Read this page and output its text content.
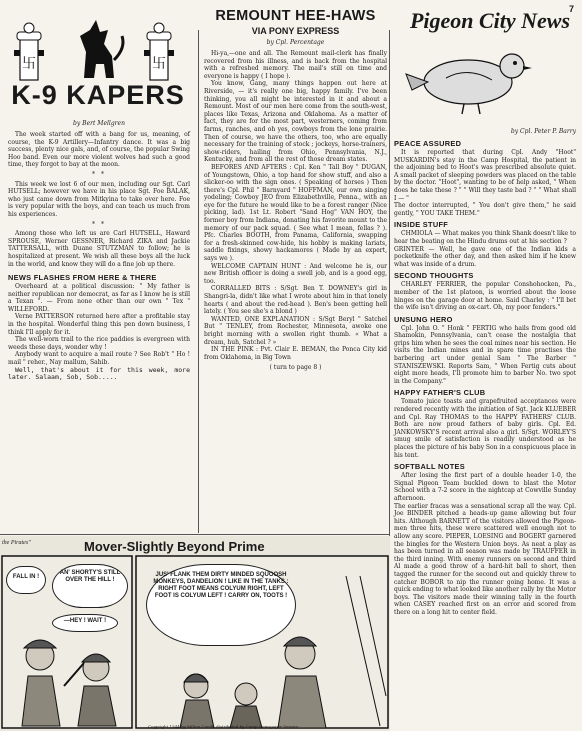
7
卐	卐
K-9 KAPERS
by Bert Mellgren

The week started off with a bang for us, meaning, of course, the K-9 Artillery—Infantry dance. It was a big success, plenty nice gals, and, of course, the popular Swing Hoo band. Even our more violent wolves had such a good time, they forgot to bay at the moon.

* *

This week we lost 6 of our men, including our Sgt. Carl HUTSELL; however we have in his place Sgt. Foe BALAK, who just came down from Mitkyina to take over here. Foe is very popular with the boys, and can teach us much from his experiences.

* *

Among those who left us are Carl HUTSELL, Haward SPROUSE, Werner GESSNER, Richard ZIKA and Jackie TATTERSALL, with Duane STUTZMAN to follow; he is hospitalized at present. We wish all these boys all the luck in the world, and know they will do a fine job up there.

NEWS FLASHES FROM HERE & THERE

Overheard at a political discussion: " My father is neither republican nor democrat, as far as I know he is still a Texan ". — From none other than our own " Tex " WILLEFORD.

Verne PATTERSON returned here after a profitable stay in the hospital. Wonderful thing this pen down business, I think I'll apply for it.

The well-worn trail to the rice paddies is evergreen with weeds these days, wonder why !

Anybody want to acquire a mail route ? See Rob't " Ho ! mail " reher., Nay mallum, Sahib.

Well, that's about it for this week, more later. Salaam, Sob, Sob.....

REMOUNT HEE-HAWS
VIA PONY EXPRESS
by Cpl. Percentage

Hi-ya,—one and all. The Remount mail-clerk has finally recovered from his illness, and is back from the hospital with a refreshed memory. The mail's still on time and everyone is happy ( I hope ).

You know, Gang, many things happen out here at Riverside, — it's really one big, happy family. I've been thinking, you all might be interested in it and about a Remount. Most of our men here come from the south-west, places like Texas, Arizona and Oklahoma. As a matter of fact, they are for the most part, westerners, coming from farms, ranches, and oh yes, cowboys from the lone prairie. Then of course, we have the others, too, who are equally necessary for the training of stock ; jockeys, horse-trainers, show-riders, hailing from Ohio, Pennsylvania, N.J., Kentucky, and from all the rest of those dream states.

BEFORES AND AFTERS : Cpl. Ken " Tall Boy " DUGAN, of Youngstown, Ohio, a top hand for show stuff, and also a slicker-oo with the sign ones. ( Speaking of horses ) Then there's Cpl. Phil " Barnyard " HOFFMAN, our own singing yodeling; Cowboy JEO from Elizabethville, Penna., with an eye for the future he would like to be a forest ranger (Nice picking, lad). 1st Lt. Robert "Sand Hog" VAN HOY, the former boy from Indiana, donating his favorite mount to the memory of our pack squad. ( See what I mean, fellas ? ). Pfc. Charles BOOTH, from Panama, California, swapping for a fresh-skinned cow-hide, his hobby is making lariats, saddle fixings, showy hackamores ( Made by an expert, says we ).

WELCOME CAPTAIN HUNT : And welcome he is, our new British officer is doing a swell job, and is a good egg, too.

CORRALLED BITS : S/Sgt. Ben T. DOWNEY's girl in Shangri-la, didn't like what I wrote about him in that lonely hearts ( and about the red-head ). Ben's been getting hell lately. ( You see she's a blond )

WANTED, ONE EXPLANATION : S/Sgt Beryl " Satchel But " TENLEY, from Rochester, Minnesota, awoke one bright morning with a swollen right thumb. « What a dream, huh, Satchel ? »

IN THE PINK : Pvt. Clair E. BEMAN, the Ponca City kid from Oklahoma, in Big Town

( turn to page 8 )
Pigeon City News
by Cpl. Peter P. Barry
PEACE ASSURED
It is reported that during Cpl. Andy "Hoot" MUSKARDIN's stay in the Camp Hospital, the patient in the adjoining bed to Hoot's was prescribed absolute quiet. A small packet of sleeping powders was placed on the table by the doctor. "Hoot", wanting to be of help asked, " When does he take these ? " " Will they taste bad ? " " What shall I — "
The doctor interrupted, " You don't give them," he said gently, " YOU TAKE THEM."
INSIDE STUFF
CHMIOLA — What makes you think Shank doesn't like to hear the beating on the Hindu drums out at his section ?
GRINTER — Well, he gave one of the Indian kids a pocketknife the other day, and then asked him if he knew what was inside of a drum.
SECOND THOUGHTS
CHARLEY FERRIER, the popular Conshohocken, Pa., member of the 1st platoon, is worried about the loose hinges on the garage door at home. Said Charley : " I'll bet the wife isn't driving an ox-cart. Oh, my poor fenders."
UNSUNG HERO
Cpl. John O. " Honk " FERTIG who hails from good old Shamokin, Pennsylvania, can't cease the nostalgia that grips him when he sees the coal mines near his section. He visits the Indian mines and in spare time practises the barbering art under genial Sam " The Barber " STANISZEWSKI. Reports Sam, " When Fertig cuts about eight more heads, I'll promote him to barber No. two spot in the Company."
HAPPY FATHER'S CLUB
Tomato juice toasts and grapefruited acceptances were rendered recently with the initiation of Sgt. Jack KLUEBER and Cpl. Ray THOMAS to the HAPPY FATHERS' CLUB. Both are now proud fathers of baby girls. Cpl. Ed. JANKOWSKY'S recent arrival also a girl. S/Sgt. WORLEY'S smug smile of satisfaction is readily understood as he places the picture of his baby Son in a conspicuous place in his tent.
SOFTBALL NOTES
After losing the first part of a double header 1-0, the Signal Pigeon Team buckled down to blast the Motor School with a 7-2 score in the nightcap at Cowville Sunday afternoon.
The earlier fracas was a sensational scrap all the way. Cpl. Joe BINDER pitched a heads-up game allowing but four hits. Although BARNETT of the visitors allowed the Pigeon-men three hits, these were scattered well enough not to allow any score. PIEPER, LOESING and BOGERT garnered the bingles for the Western Union boys. As neat a play as has been turned in all season was made by TRAUFFER in the third inning. With enemy runners on second and third Al made a good throw of a hard-hit ball to short, then tagged the runner for the second out and quickly threw to catcher BOBOR to nip the runner going home. It was a quick ending to what looked like another rally by the Motor boys. The visitors made their winning tally in the fourth when CASEY reached first on an error and scored from there on a long hit to center field.
the Pirates"	Mover-Slightly Beyond Prime
FALL IN !
AN' SHORTY'S STILL OVER THE HILL !
—HEY ! WAIT !
JUS' FLANK THEM DIRTY MINDED SQUOOSH MONKEYS, DANDELION ! LIKE IN THE TANKS : RIGHT FOOT MEANS COLYUM RIGHT, LEFT FOOT IS COLYUM LEFT ! CARRY ON, TOOTS !
Copyright 1944 by Milton Caniff, distributed by Camp Newspaper Service
